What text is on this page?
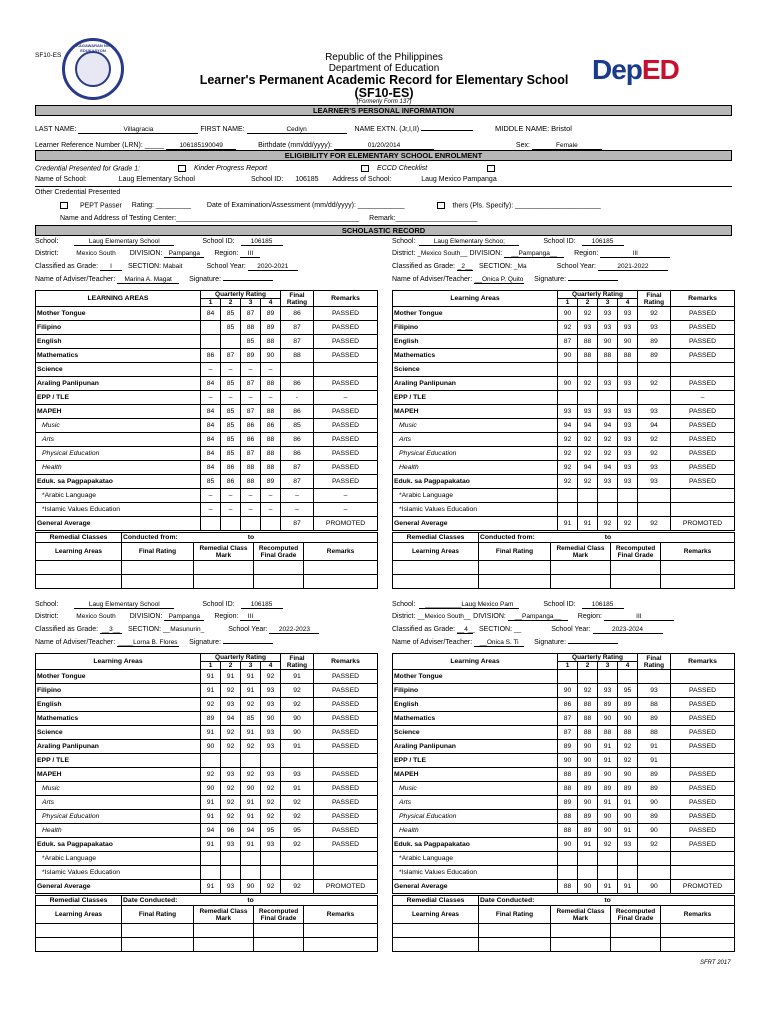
SF10-ES
KAGAWARAN NG EDUKASYON
Republic of the Philippines
Department of Education
Learner's Permanent Academic Record for Elementary School
(SF10-ES)
DepED
(Formerly Form 137)
LEARNER'S PERSONAL INFORMATION
LAST NAME:	Villagracia	FIRST NAME:	Cedlyn	NAME EXTN. (Jr,I,II)	MIDDLE NAME: Bristol
Learner Reference Number (LRN): _____ 106185190049	Birthdate (mm/dd/yyyy):	01/20/2014	Sex:	Female
ELIGIBILITY FOR ELEMENTARY SCHOOL ENROLMENT
Credential Presented for Grade 1:	Kinder Progress Report	ECCD Checklist
Name of School:	Laug Elementary School	School ID: 106185 Address of School:	Laug Mexico Pampanga
Other Credential Presented
PEPT Passer Rating: _________ Date of Examination/Assessment (mm/dd/yyyy): ____________	thers (Pls. Specify): ______________________
Name and Address of Testing Center:_______________________________________________ Remark:_____________________
SCHOLASTIC RECORD
School:	Laug Elementary School	School ID: 106185
District:	Mexico South DIVISION: Pampanga Region: III
Classified as Grade: I SECTION: Mabait	School Year: 2020-2021
Name of Adviser/Teacher: Marina A. Magat Signature:
LEARNING AREAS	Quarterly Rating				Final Rating	Remarks
	1	2	3	4		
Mother Tongue	84	85	87	89	86	PASSED
Filipino		85	88	89	87	PASSED
English			85	88	87	PASSED
Mathematics	86	87	89	90	88	PASSED
Science	–	–	–	–		
Araling Panlipunan	84	85	87	88	86	PASSED
EPP / TLE	–	–	–	–	-	–
MAPEH	84	85	87	88	86	PASSED
Music	84	85	86	86	85	PASSED
Arts	84	85	86	88	86	PASSED
Physical Education	84	85	87	88	86	PASSED
Health	84	86	88	88	87	PASSED
Eduk. sa Pagpapakatao	85	86	88	89	87	PASSED
*Arabic Language	–	–	–	–	–	–
*Islamic Values Education	–	–	–	–	–	–
General Average					87	PROMOTED
Remedial Classes	Conducted from: to			
Learning Areas	Final Rating	Remedial Class Mark	Recomputed Final Grade	Remarks

School:	Laug Elementary Schoo;	School ID: 106185
District: _Mexico South__ DIVISION: __Pampanga__ Region:	III
Classified as Grade: _2__ SECTION: _Ma	School Year:	2021-2022
Name of Adviser/Teacher: __Onica P. Quito Signature:
Learning Areas	Quarterly Rating				Final Rating	Remarks
	1	2	3	4		
Mother Tongue	90	92	93	93	92	PASSED
Filipino	92	93	93	93	93	PASSED
English	87	88	90	90	89	PASSED
Mathematics	90	88	88	88	89	PASSED
Science						
Araling Panlipunan	90	92	93	93	92	PASSED
EPP / TLE						–
MAPEH	93	93	93	93	93	PASSED
Music	94	94	94	93	94	PASSED
Arts	92	92	92	93	92	PASSED
Physical Education	92	92	92	93	92	PASSED
Health	92	94	94	93	93	PASSED
Eduk. sa Pagpapakatao	92	92	93	93	93	PASSED
*Arabic Language						
*Islamic Values Education						
General Average	91	91	92	92	92	PROMOTED
Remedial Classes	Conducted from: to			
Learning Areas	Final Rating	Remedial Class Mark	Recomputed Final Grade	Remarks

School:	Laug Elementary School	School ID: 106185
District:	Mexico South DIVISION: Pampanga Region: III
Classified as Grade: __3__ SECTION: __Masunurin_	School Year: 2022-2023
Name of Adviser/Teacher: ____Lorna B. Flores Signature:
Learning Areas	Quarterly Rating				Final Rating	Remarks
	1	2	3	4		
Mother Tongue	91	91	91	92	91	PASSED
Filipino	91	92	91	93	92	PASSED
English	92	93	92	93	92	PASSED
Mathematics	89	94	85	90	90	PASSED
Science	91	92	91	93	90	PASSED
Araling Panlipunan	90	92	92	93	91	PASSED
EPP / TLE						
MAPEH	92	93	92	93	93	PASSED
Music	90	92	90	92	91	PASSED
Arts	91	92	91	92	92	PASSED
Physical Education	91	92	91	92	92	PASSED
Health	94	96	94	95	95	PASSED
Eduk. sa Pagpapakatao	91	93	91	93	92	PASSED
*Arabic Language						
*Islamic Values Education						
General Average	91	93	90	92	92	PROMOTED
Remedial Classes	Date Conducted: to			
Learning Areas	Final Rating	Remedial Class Mark	Recomputed Final Grade	Remarks

School: __________Laug Mexico Pam	School ID: 106185
District: __Mexico South__ DIVISION: __Pampanga__ Region:	III
Classified as Grade: __4__ SECTION: __	School Year:	2023-2024
Name of Adviser/Teacher: __Onica S. Ti Signature:
Learning Areas	Quarterly Rating				Final Rating	Remarks
	1	2	3	4		
Mother Tongue						
Filipino	90	92	93	95	93	PASSED
English	86	88	89	89	88	PASSED
Mathematics	87	88	90	90	89	PASSED
Science	87	88	88	88	88	PASSED
Araling Panlipunan	89	90	91	92	91	PASSED
EPP / TLE	90	90	91	92	91	
MAPEH	88	89	90	90	89	PASSED
Music	88	89	89	89	89	PASSED
Arts	89	90	91	91	90	PASSED
Physical Education	88	89	90	90	89	PASSED
Health	88	89	90	91	90	PASSED
Eduk. sa Pagpapakatao	90	91	92	93	92	PASSED
*Arabic Language						
*Islamic Values Education						
General Average	88	90	91	91	90	PROMOTED
Remedial Classes	Date Conducted: to			
Learning Areas	Final Rating	Remedial Class Mark	Recomputed Final Grade	Remarks

SFRT 2017
